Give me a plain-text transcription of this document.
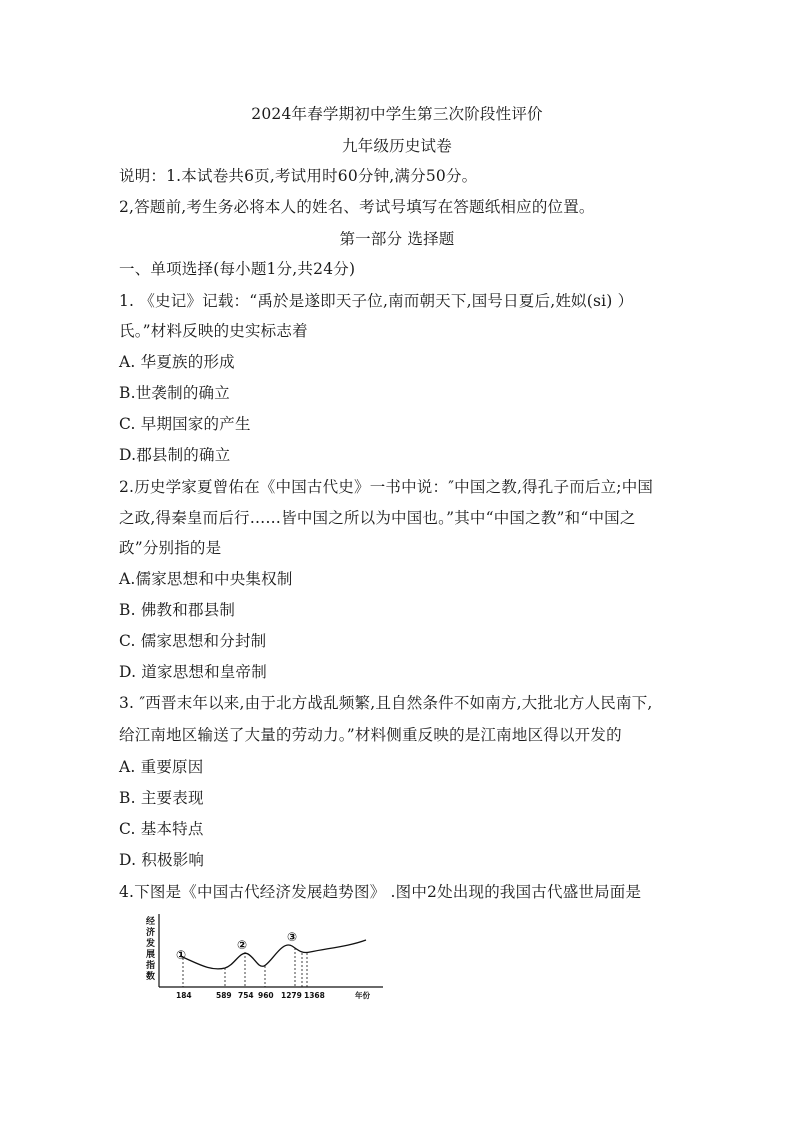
2024年春学期初中学生第三次阶段性评价
九年级历史试卷
说明：1.本试卷共6页,考试用时60分钟,满分50分。
2,答题前,考生务必将本人的姓名、考试号填写在答题纸相应的位置。
第一部分 选择题
一、单项选择(每小题1分,共24分)
1. 《史记》记载：“禹於是遂即天子位,南而朝天下,国号日夏后,姓姒(si) ）
氏。”材料反映的史实标志着
A. 华夏族的形成
B.世袭制的确立
C. 早期国家的产生
D.郡县制的确立
2.历史学家夏曾佑在《中国古代史》一书中说：″中国之教,得孔子而后立;中国
之政,得秦皇而后行……皆中国之所以为中国也。”其中“中国之教”和“中国之
政”分别指的是
A.儒家思想和中央集权制
B. 佛教和郡县制
C. 儒家思想和分封制
D. 道家思想和皇帝制
3. ″西晋末年以来,由于北方战乱频繁,且自然条件不如南方,大批北方人民南下,
给江南地区输送了大量的劳动力。”材料侧重反映的是江南地区得以开发的
A. 重要原因
B. 主要表现
C. 基本特点
D. 积极影响
4.下图是《中国古代经济发展趋势图》 .图中2处出现的我国古代盛世局面是
经
济
发
展
指
数
①
②
③
184	589 754 960 1279 1368	年份
